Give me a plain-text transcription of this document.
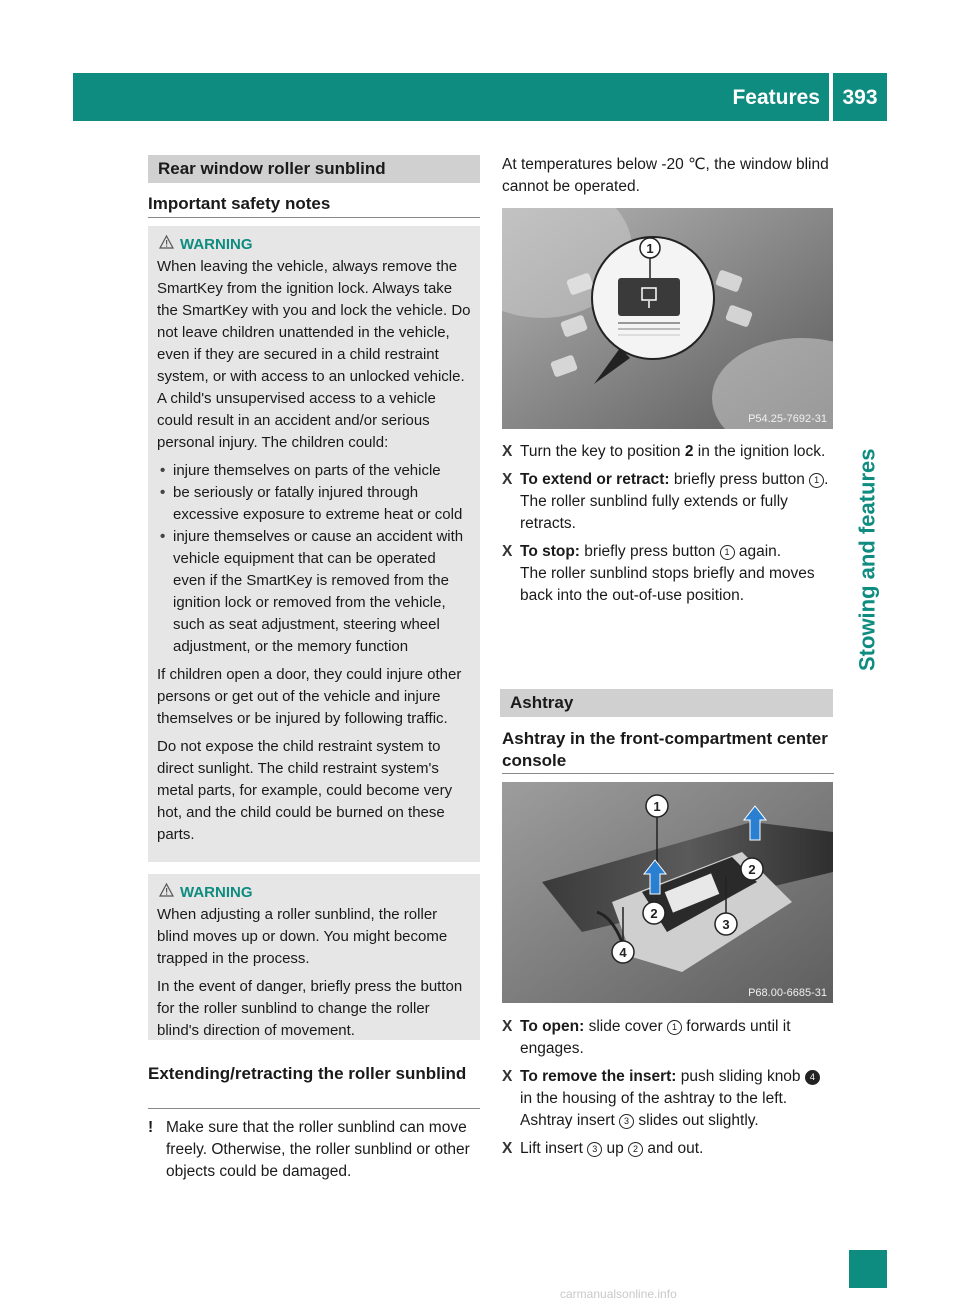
Features	393
Stowing and features
Rear window roller sunblind
Important safety notes
WARNING

When leaving the vehicle, always remove the SmartKey from the ignition lock. Always take the SmartKey with you and lock the vehicle. Do not leave children unattended in the vehicle, even if they are secured in a child restraint system, or with access to an unlocked vehicle. A child's unsupervised access to a vehicle could result in an accident and/or serious personal injury. The children could:

• injure themselves on parts of the vehicle
• be seriously or fatally injured through excessive exposure to extreme heat or cold
• injure themselves or cause an accident with vehicle equipment that can be operated even if the SmartKey is removed from the ignition lock or removed from the vehicle, such as seat adjustment, steering wheel adjustment, or the memory function

If children open a door, they could injure other persons or get out of the vehicle and injure themselves or be injured by following traffic.

Do not expose the child restraint system to direct sunlight. The child restraint system's metal parts, for example, could become very hot, and the child could be burned on these parts.

WARNING

When adjusting a roller sunblind, the roller blind moves up or down. You might become trapped in the process.

In the event of danger, briefly press the button for the roller sunblind to change the roller blind's direction of movement.

Extending/retracting the roller sunblind
! Make sure that the roller sunblind can move freely. Otherwise, the roller sunblind or other objects could be damaged.
At temperatures below -20 ℃, the window blind cannot be operated.
1
P54.25-7692-31
X Turn the key to position 2 in the ignition lock.
X To extend or retract: briefly press button 1 .
The roller sunblind fully extends or fully retracts.
X To stop: briefly press button 1 again.
The roller sunblind stops briefly and moves back into the out-of-use position.
Ashtray
Ashtray in the front-compartment center console
1
2
2
3
4
P68.00-6685-31
X To open: slide cover 1 forwards until it engages.
X To remove the insert: push sliding knob 4 in the housing of the ashtray to the left.
Ashtray insert 3 slides out slightly.
X Lift insert 3 up 2 and out.
carmanualsonline.info
